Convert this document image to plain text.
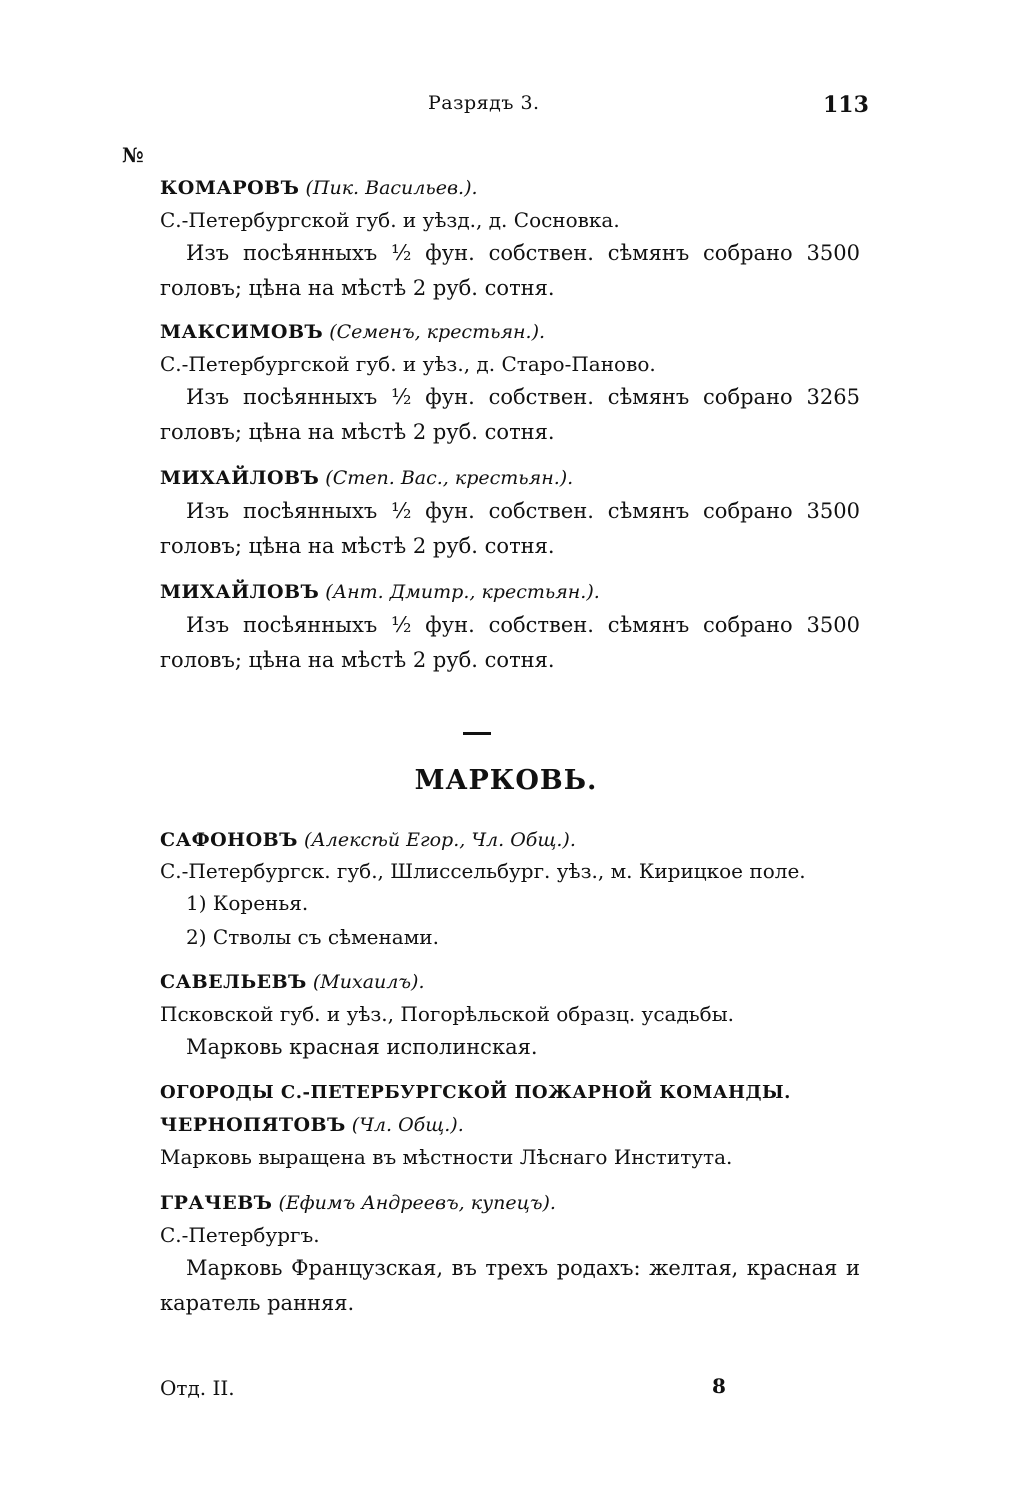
Разрядъ 3.	113
№
КОМАРОВЪ (Пик. Васильев.).
С.-Петербургской губ. и уѣзд., д. Сосновка.

Изъ посѣянныхъ ½ фун. собствен. сѣмянъ собрано 3500 головъ; цѣна на мѣстѣ 2 руб. сотня.

МАКСИМОВЪ (Семенъ, крестьян.).
С.-Петербургской губ. и уѣз., д. Старо-Паново.

Изъ посѣянныхъ ½ фун. собствен. сѣмянъ собрано 3265 головъ; цѣна на мѣстѣ 2 руб. сотня.

МИХАЙЛОВЪ (Степ. Вас., крестьян.).

Изъ посѣянныхъ ½ фун. собствен. сѣмянъ собрано 3500 головъ; цѣна на мѣстѣ 2 руб. сотня.

МИХАЙЛОВЪ (Ант. Дмитр., крестьян.).

Изъ посѣянныхъ ½ фун. собствен. сѣмянъ собрано 3500 головъ; цѣна на мѣстѣ 2 руб. сотня.

МАРКОВЬ.
САФОНОВЪ (Алексѣй Егор., Чл. Общ.).
С.-Петербургск. губ., Шлиссельбург. уѣз., м. Кирицкое поле.
1) Коренья.
2) Стволы съ сѣменами.
САВЕЛЬЕВЪ (Михаилъ).
Псковской губ. и уѣз., Погорѣльской образц. усадьбы.

Марковь красная исполинская.

ОГОРОДЫ С.-ПЕТЕРБУРГСКОЙ ПОЖАРНОЙ КОМАНДЫ.
ЧЕРНОПЯТОВЪ (Чл. Общ.).
Марковь выращена въ мѣстности Лѣснаго Института.
ГРАЧЕВЪ (Ефимъ Андреевъ, купецъ).
С.-Петербургъ.

Марковь Французская, въ трехъ родахъ: желтая, красная и каратель ранняя.

Отд. II.	8
